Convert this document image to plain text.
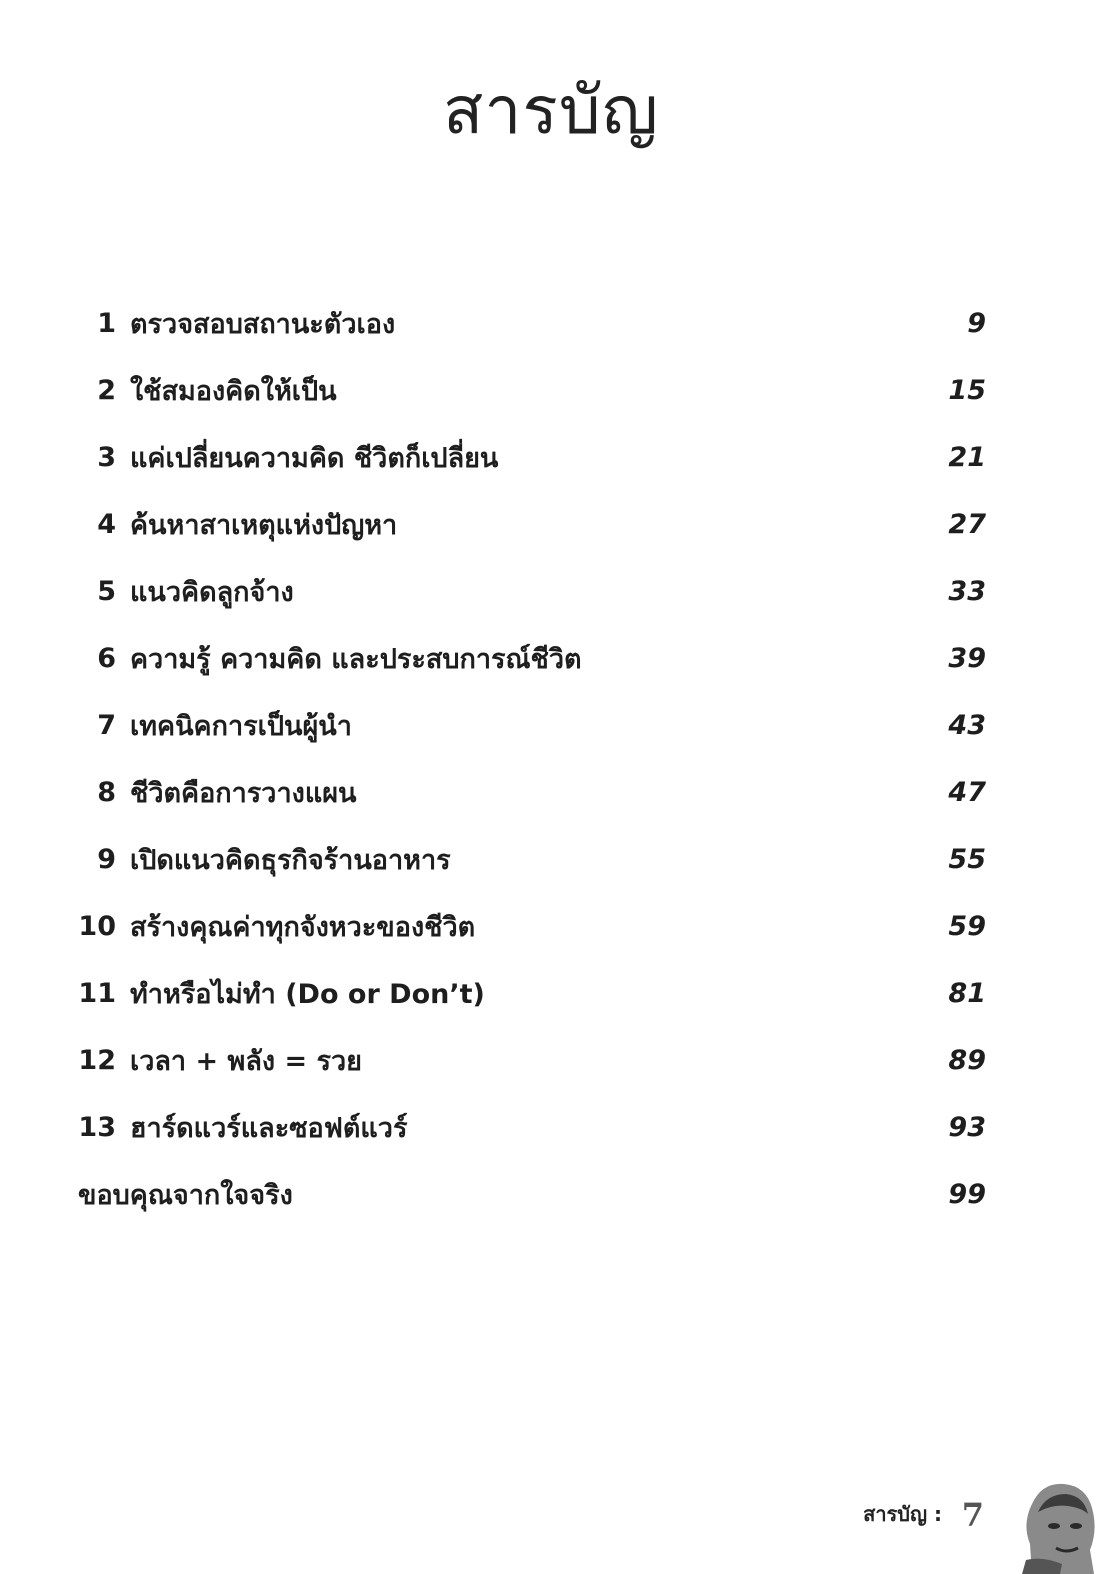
สารบัญ
1 ตรวจสอบสถานะตัวเอง	9
2 ใช้สมองคิดให้เป็น	15
3 แค่เปลี่ยนความคิด ชีวิตก็เปลี่ยน	21
4 ค้นหาสาเหตุแห่งปัญหา	27
5 แนวคิดลูกจ้าง	33
6 ความรู้ ความคิด และประสบการณ์ชีวิต	39
7 เทคนิคการเป็นผู้นำ	43
8 ชีวิตคือการวางแผน	47
9 เปิดแนวคิดธุรกิจร้านอาหาร	55
10 สร้างคุณค่าทุกจังหวะของชีวิต	59
11 ทำหรือไม่ทำ (Do or Don’t)	81
12 เวลา + พลัง = รวย	89
13 ฮาร์ดแวร์และซอฟต์แวร์	93
ขอบคุณจากใจจริง	99
สารบัญ : 7
